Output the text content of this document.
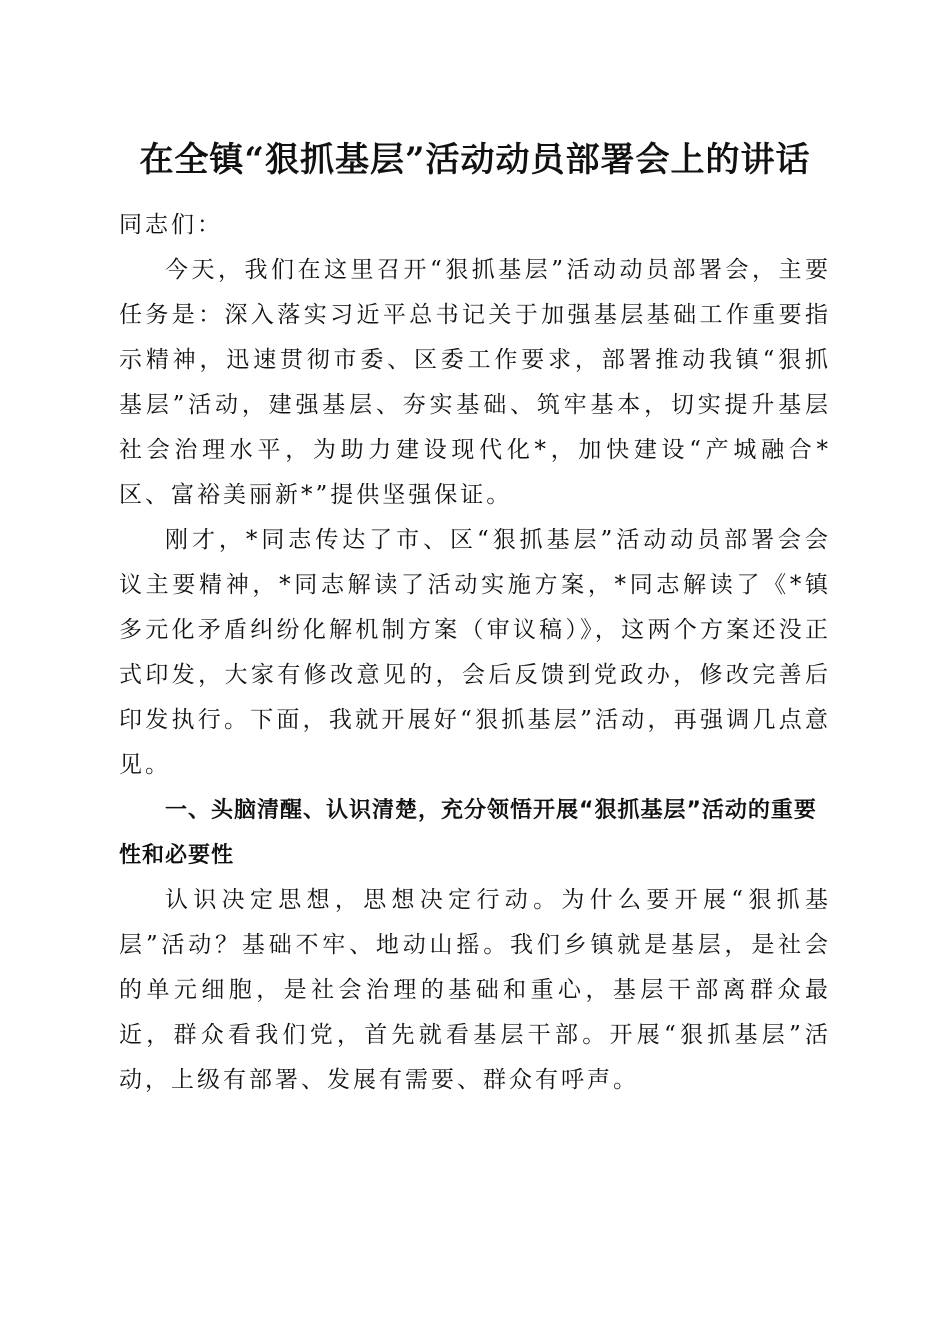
在全镇“狠抓基层”活动动员部署会上的讲话

同志们：

今天，我们在这里召开“狠抓基层”活动动员部署会，主要任务是：深入落实习近平总书记关于加强基层基础工作重要指示精神，迅速贯彻市委、区委工作要求，部署推动我镇“狠抓基层”活动，建强基层、夯实基础、筑牢基本，切实提升基层社会治理水平，为助力建设现代化*，加快建设“产城融合*区、富裕美丽新*”提供坚强保证。

刚才，*同志传达了市、区“狠抓基层”活动动员部署会会议主要精神，*同志解读了活动实施方案，*同志解读了《*镇多元化矛盾纠纷化解机制方案（审议稿）》，这两个方案还没正式印发，大家有修改意见的，会后反馈到党政办，修改完善后印发执行。下面，我就开展好“狠抓基层”活动，再强调几点意见。

一、头脑清醒、认识清楚，充分领悟开展“狠抓基层”活动的重要性和必要性

认识决定思想，思想决定行动。为什么要开展“狠抓基层”活动？基础不牢、地动山摇。我们乡镇就是基层，是社会的单元细胞，是社会治理的基础和重心，基层干部离群众最近，群众看我们党，首先就看基层干部。开展“狠抓基层”活动，上级有部署、发展有需要、群众有呼声。
